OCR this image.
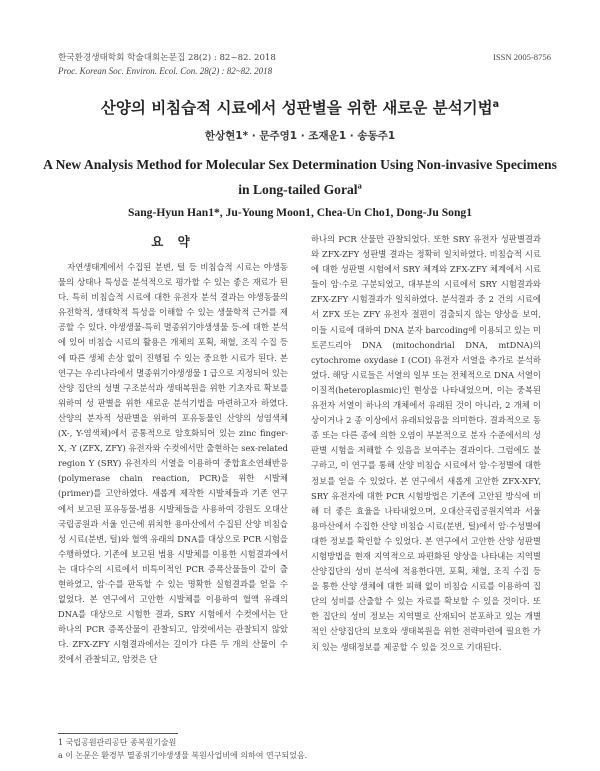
한국환경생태학회 학술대회논문집 28(2) : 82~82. 2018
Proc. Korean Soc. Environ. Ecol. Con. 28(2) : 82~82. 2018
ISSN 2005-8756
산양의 비침습적 시료에서 성판별을 위한 새로운 분석기법$^a$
한상현1* · 문주영1 · 조재운1 · 송동주1
A New Analysis Method for Molecular Sex Determination Using Non-invasive Specimens in Long-tailed Goral$^a$
Sang-Hyun Han1*, Ju-Young Moon1, Chea-Un Cho1, Dong-Ju Song1
요 약

자연생태계에서 수집된 분변, 털 등 비침습적 시료는 야생동물의 상태나 특성을 분석적으로 평가할 수 있는 좋은 재료가 된다. 특히 비침습적 시료에 대한 유전자 분석 결과는 야생동물의 유전학적, 생태학적 특성을 이해할 수 있는 생물학적 근거를 제공할 수 있다. 야생생물-특히 멸종위기야생생물 등-에 대한 분석에 있어 비침습 시료의 활용은 개체의 포획, 채혈, 조직 수집 등에 따른 생체 손상 없이 진행될 수 있는 중요한 시료가 된다. 본 연구는 우리나라에서 멸종위기야생생물 I 급으로 지정되어 있는 산양 집단의 성별 구조분석과 생태복원을 위한 기초자료 확보를 위하여 성 판별을 위한 새로운 분석기법을 마련하고자 하였다. 산양의 분자적 성판별을 위하여 포유동물인 산양의 성염색체(X-, Y-염색체)에서 공통적으로 암호화되어 있는 zinc finger-X, -Y (ZFX, ZFY) 유전자와 수컷에서만 출현하는 sex-related region Y (SRY) 유전자의 서열을 이용하여 중합효소연쇄반응(polymerase chain reaction, PCR)을 위한 시발체(primer)를 고안하였다. 새롭게 제작한 시발체들과 기존 연구에서 보고된 포유동물-범용 시발체들을 사용하여 강원도 오대산국립공원과 서울 인근에 위치한 용마산에서 수집된 산양 비침습성 시료(분변, 털)와 혈액 유래의 DNA를 대상으로 PCR 시험을 수행하였다. 기존에 보고된 범용 시발체를 이용한 시험결과에서는 대다수의 시료에서 비특이적인 PCR 증폭산물들이 같이 출현하였고, 암·수를 판독할 수 있는 명확한 실험결과를 얻을 수 없었다. 본 연구에서 고안한 시발체를 이용하여 혈액 유래의 DNA를 대상으로 시험한 결과, SRY 시험에서 수컷에서는 단 하나의 PCR 증폭산물이 관찰되고, 암컷에서는 관찰되지 않았다. ZFX-ZFY 시험결과에서는 길이가 다른 두 개의 산물이 수컷에서 관찰되고, 암컷은 단

하나의 PCR 산물만 관찰되었다. 또한 SRY 유전자 성판별결과와 ZFX-ZFY 성판별 결과는 정확히 일치하였다. 비침습적 시료에 대한 성판별 시험에서 SRY 체계와 ZFX-ZFY 체계에서 시료들이 암·수로 구분되었고, 대부분의 시료에서 SRY 시험결과와 ZFX-ZFY 시험결과가 일치하였다. 분석결과 중 2 건의 시료에서 ZFX 또는 ZFY 유전자 절편이 검출되지 않는 양상을 보여, 이들 시료에 대하여 DNA 분자 barcoding에 이용되고 있는 미토콘드리아 DNA (mitochondrial DNA, mtDNA)의 cytochrome oxydase I (COI) 유전자 서열을 추가로 분석하였다. 해당 시료들은 서열의 일부 또는 전체적으로 DNA 서열이 이질적(heteroplasmic)인 현상을 나타내었으며, 이는 중복된 유전자 서열이 하나의 개체에서 유래된 것이 아니라, 2 개체 이상이거나 2 종 이상에서 유래되었음을 의미한다. 결과적으로 동종 또는 다른 종에 의한 오염이 부분적으로 분자 수준에서의 성 판별 시험을 저해할 수 있음을 보여주는 결과이다. 그럼에도 불구하고, 이 연구를 통해 산양 비침습 시료에서 암·수정별에 대한 정보를 얻을 수 있었다. 본 연구에서 새롭게 고안한 ZFX-XFY, SRY 유전자에 대한 PCR 시험방법은 기존에 고안된 방식에 비해 더 좋은 효율을 나타내었으며, 오대산국립공원지역과 서울 용마산에서 수집한 산양 비침습 시료(분변, 털)에서 암·수성별에 대한 정보를 확인할 수 있었다. 본 연구에서 고안한 산양 성판별 시험방법을 현재 지역적으로 파편화된 양상을 나타내는 지역별 산양집단의 성비 분석에 적용한다면, 포획, 채혈, 조직 수집 등을 통한 산양 생체에 대한 피해 없이 비침습 시료를 이용하여 집단의 성비를 산출할 수 있는 자료를 확보할 수 있을 것이다. 또한 집단의 성비 정보는 지역별로 산재되어 분포하고 있는 개별적인 산양집단의 보호와 생태복원을 위한 전략마련에 필요한 가치 있는 생태정보를 제공할 수 있을 것으로 기대된다.

1 국립공원관리공단 종복원기술원
a 이 논문은 환경부 멸종위기야생생물 복원사업비에 의하여 연구되었음.
